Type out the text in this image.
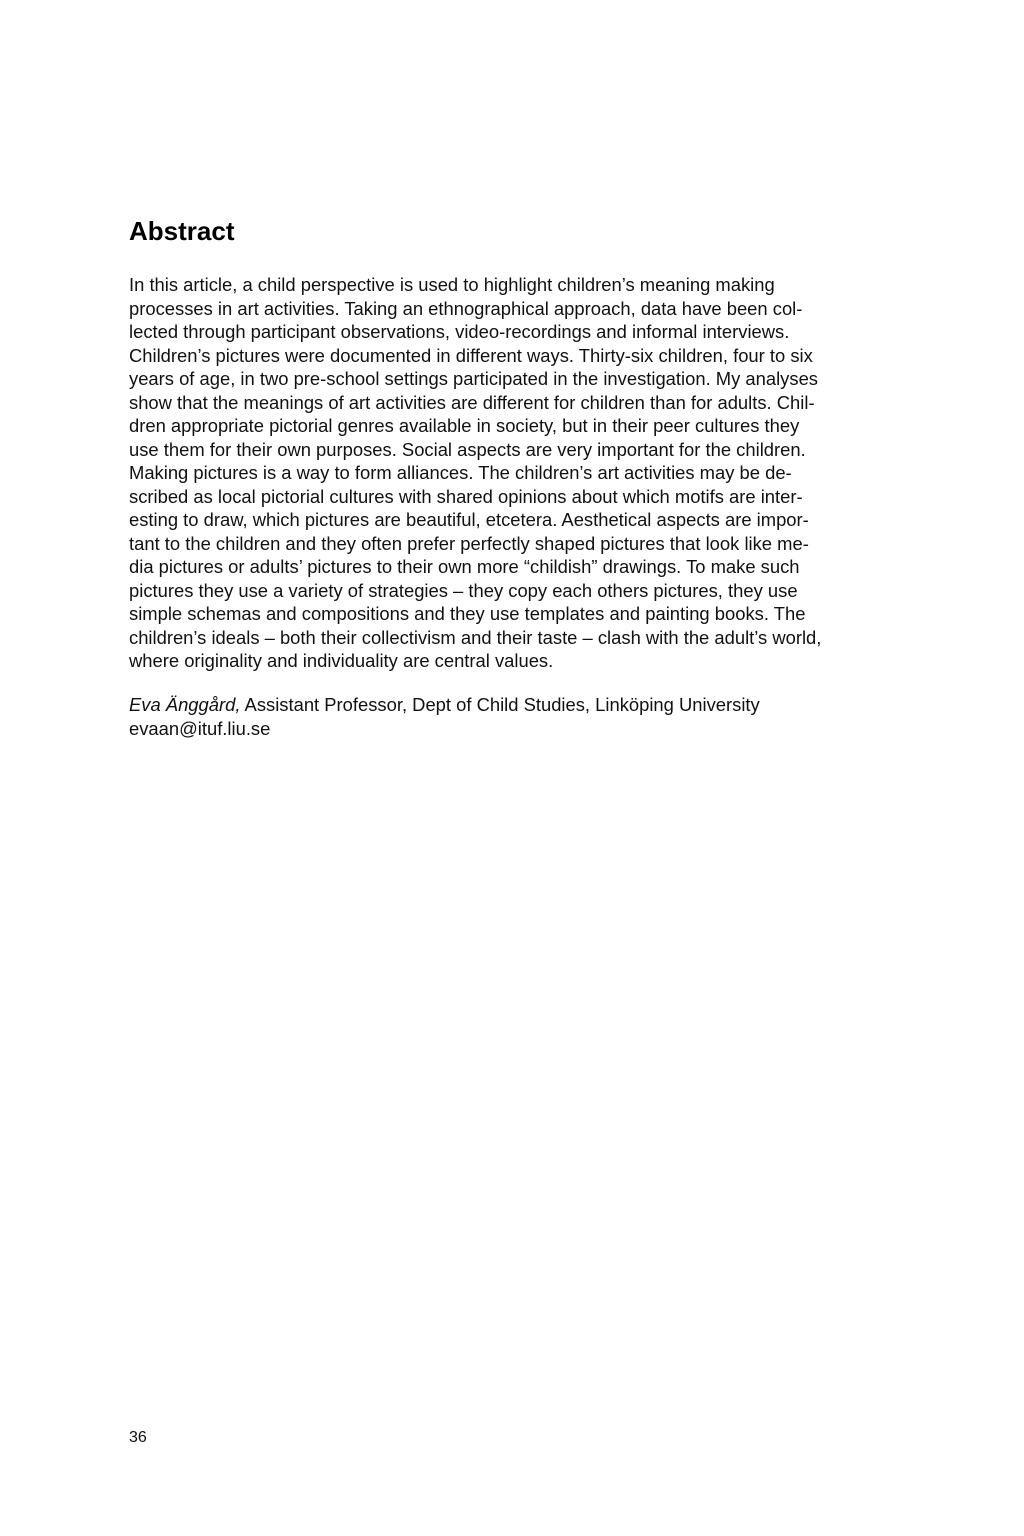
Abstract
In this article, a child perspective is used to highlight children’s meaning making
processes in art activities. Taking an ethnographical approach, data have been col-
lected through participant observations, video-recordings and informal interviews.
Children’s pictures were documented in different ways. Thirty-six children, four to six
years of age, in two pre-school settings participated in the investigation. My analyses
show that the meanings of art activities are different for children than for adults. Chil-
dren appropriate pictorial genres available in society, but in their peer cultures they
use them for their own purposes. Social aspects are very important for the children.
Making pictures is a way to form alliances. The children’s art activities may be de-
scribed as local pictorial cultures with shared opinions about which motifs are inter-
esting to draw, which pictures are beautiful, etcetera. Aesthetical aspects are impor-
tant to the children and they often prefer perfectly shaped pictures that look like me-
dia pictures or adults’ pictures to their own more “childish” drawings. To make such
pictures they use a variety of strategies – they copy each others pictures, they use
simple schemas and compositions and they use templates and painting books. The
children’s ideals – both their collectivism and their taste – clash with the adult’s world,
where originality and individuality are central values.
Eva Änggård, Assistant Professor, Dept of Child Studies, Linköping University
evaan@ituf.liu.se
36
